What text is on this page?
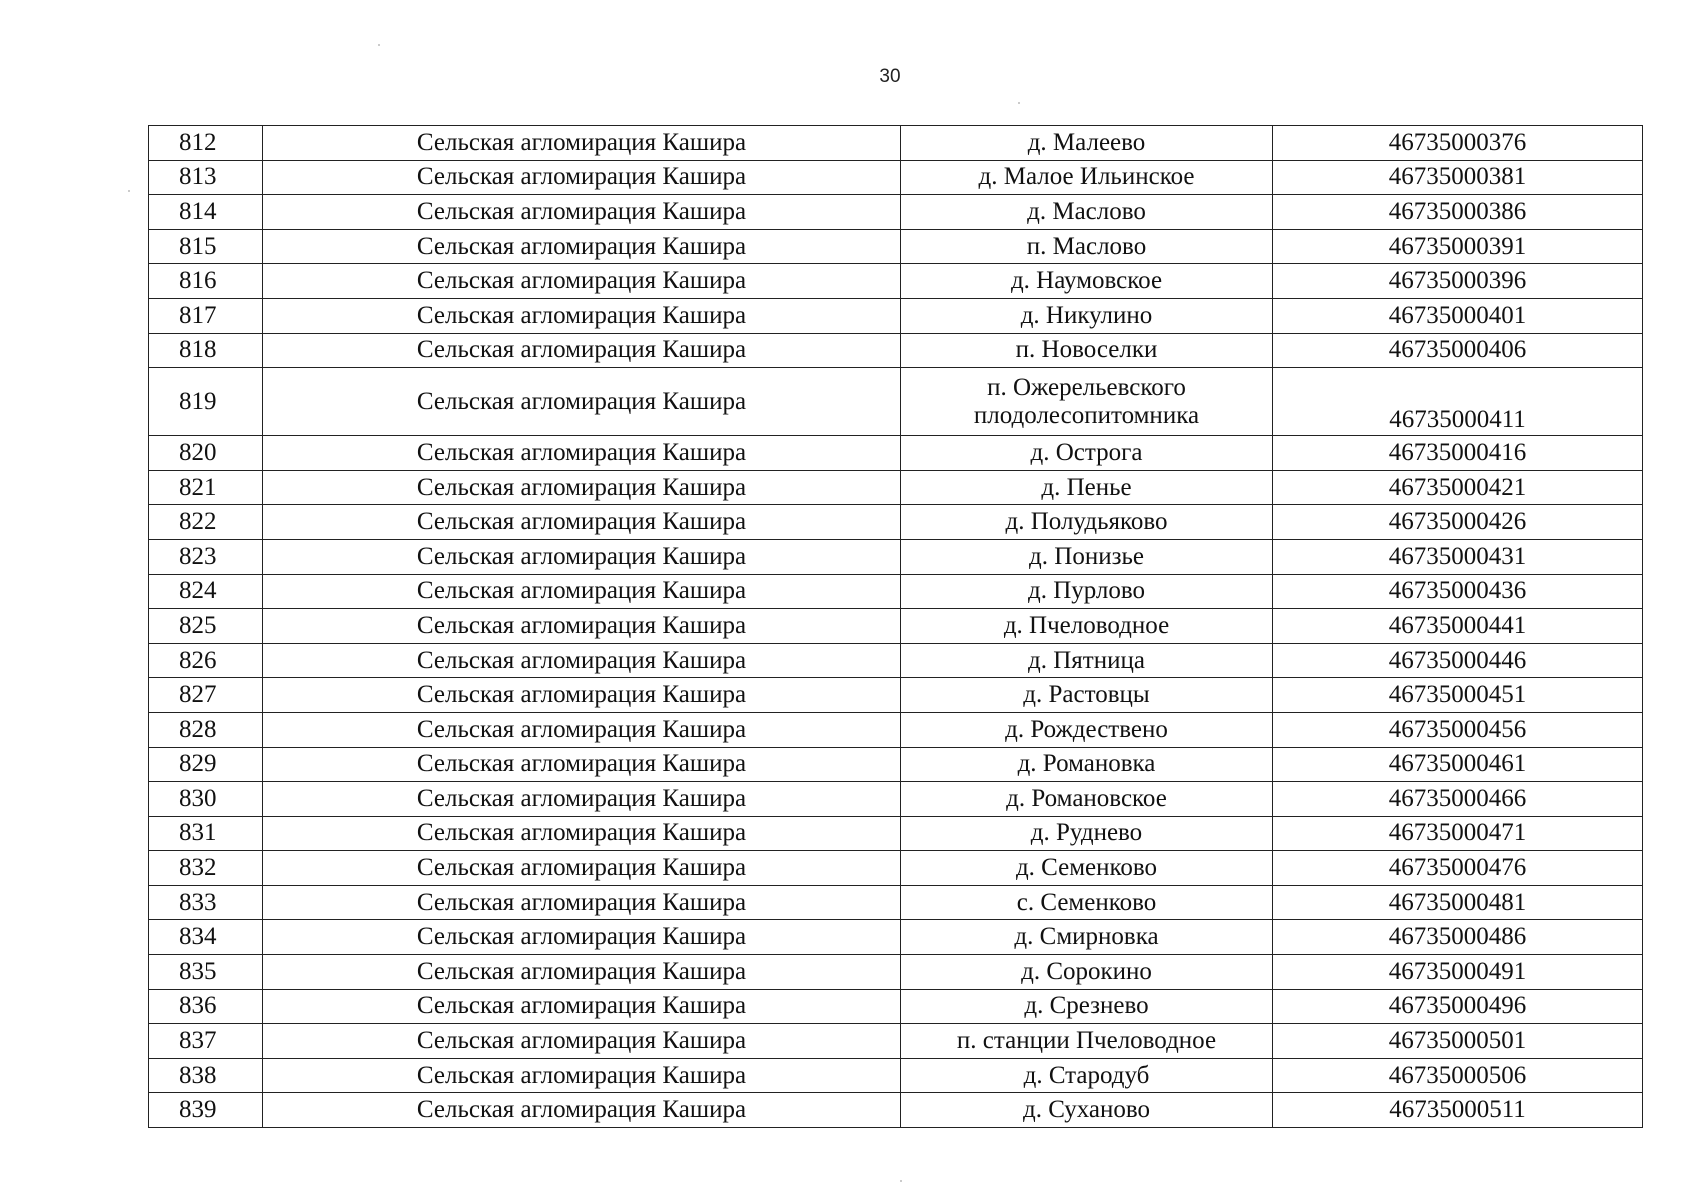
30
812	Сельская агломирация Кашира	д. Малеево	46735000376
813	Сельская агломирация Кашира	д. Малое Ильинское	46735000381
814	Сельская агломирация Кашира	д. Маслово	46735000386
815	Сельская агломирация Кашира	п. Маслово	46735000391
816	Сельская агломирация Кашира	д. Наумовское	46735000396
817	Сельская агломирация Кашира	д. Никулино	46735000401
818	Сельская агломирация Кашира	п. Новоселки	46735000406
819	Сельская агломирация Кашира	п. Ожерельевского плодолесопитомника	46735000411
820	Сельская агломирация Кашира	д. Острога	46735000416
821	Сельская агломирация Кашира	д. Пенье	46735000421
822	Сельская агломирация Кашира	д. Полудьяково	46735000426
823	Сельская агломирация Кашира	д. Понизье	46735000431
824	Сельская агломирация Кашира	д. Пурлово	46735000436
825	Сельская агломирация Кашира	д. Пчеловодное	46735000441
826	Сельская агломирация Кашира	д. Пятница	46735000446
827	Сельская агломирация Кашира	д. Растовцы	46735000451
828	Сельская агломирация Кашира	д. Рождествено	46735000456
829	Сельская агломирация Кашира	д. Романовка	46735000461
830	Сельская агломирация Кашира	д. Романовское	46735000466
831	Сельская агломирация Кашира	д. Руднево	46735000471
832	Сельская агломирация Кашира	д. Семенково	46735000476
833	Сельская агломирация Кашира	с. Семенково	46735000481
834	Сельская агломирация Кашира	д. Смирновка	46735000486
835	Сельская агломирация Кашира	д. Сорокино	46735000491
836	Сельская агломирация Кашира	д. Срезнево	46735000496
837	Сельская агломирация Кашира	п. станции Пчеловодное	46735000501
838	Сельская агломирация Кашира	д. Стародуб	46735000506
839	Сельская агломирация Кашира	д. Суханово	46735000511
